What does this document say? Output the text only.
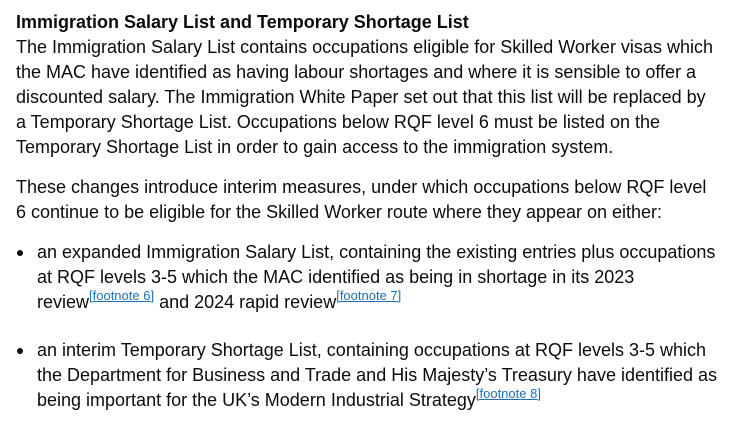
Immigration Salary List and Temporary Shortage List

The Immigration Salary List contains occupations eligible for Skilled Worker visas which the MAC have identified as having labour shortages and where it is sensible to offer a discounted salary. The Immigration White Paper set out that this list will be replaced by a Temporary Shortage List. Occupations below RQF level 6 must be listed on the Temporary Shortage List in order to gain access to the immigration system.

These changes introduce interim measures, under which occupations below RQF level 6 continue to be eligible for the Skilled Worker route where they appear on either:

an expanded Immigration Salary List, containing the existing entries plus occupations at RQF levels 3-5 which the MAC identified as being in shortage in its 2023 review[footnote 6] and 2024 rapid review[footnote 7]
an interim Temporary Shortage List, containing occupations at RQF levels 3-5 which the Department for Business and Trade and His Majesty’s Treasury have identified as being important for the UK’s Modern Industrial Strategy[footnote 8]
